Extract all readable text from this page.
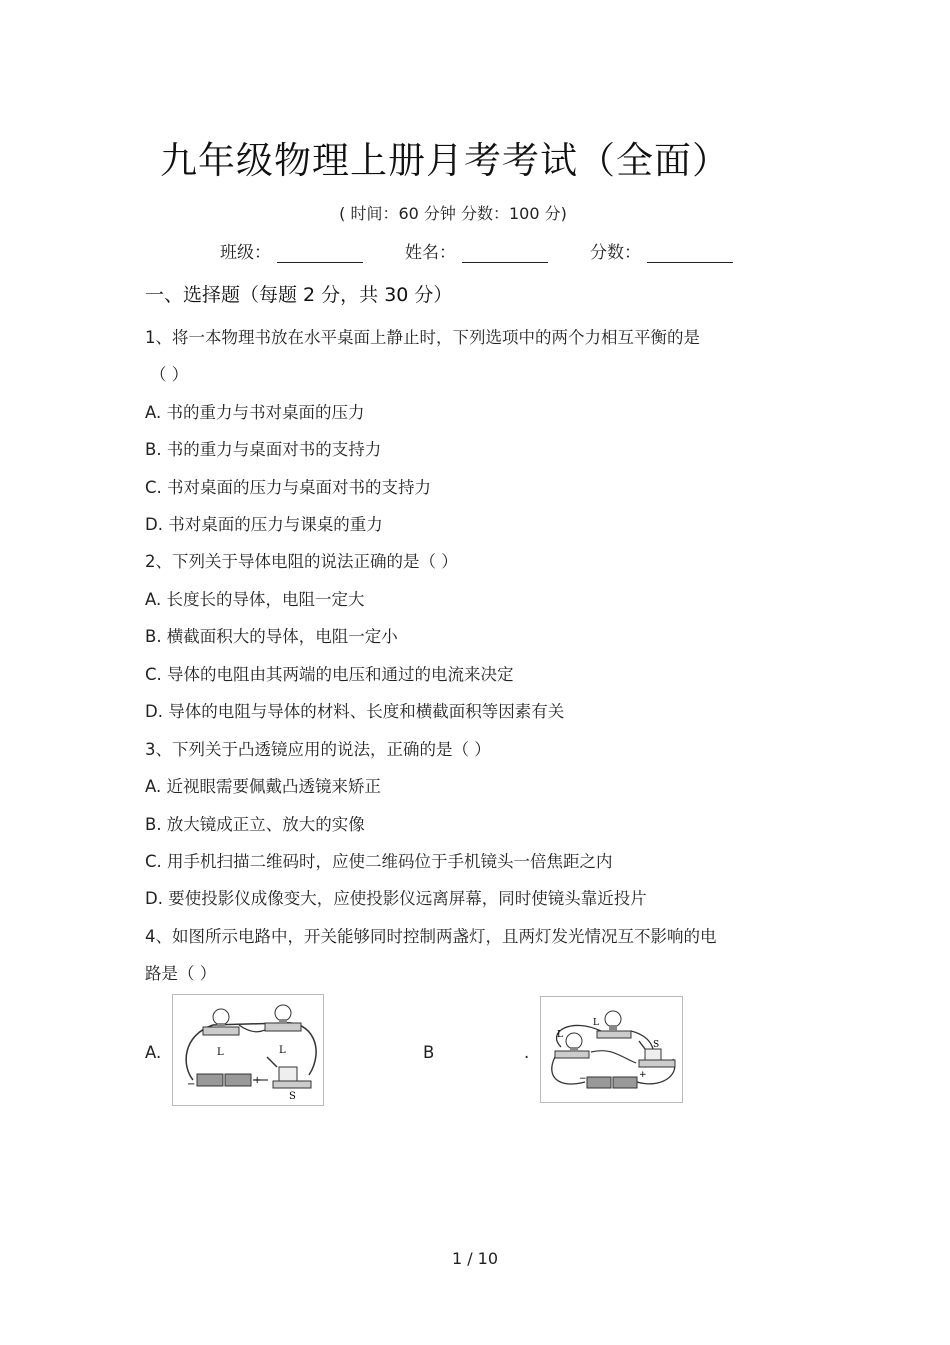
九年级物理上册月考考试（全面）
( 时间：60 分钟 分数：100 分)
班级：	姓名：	分数：
一、选择题（每题 2 分，共 30 分）
1、将一本物理书放在水平桌面上静止时，下列选项中的两个力相互平衡的是
（ ）
A. 书的重力与书对桌面的压力
B. 书的重力与桌面对书的支持力
C. 书对桌面的压力与桌面对书的支持力
D. 书对桌面的压力与课桌的重力
2、下列关于导体电阻的说法正确的是（ ）
A. 长度长的导体，电阻一定大
B. 横截面积大的导体，电阻一定小
C. 导体的电阻由其两端的电压和通过的电流来决定
D. 导体的电阻与导体的材料、长度和横截面积等因素有关
3、下列关于凸透镜应用的说法，正确的是（ ）
A. 近视眼需要佩戴凸透镜来矫正
B. 放大镜成正立、放大的实像
C. 用手机扫描二维码时，应使二维码位于手机镜头一倍焦距之内
D. 要使投影仪成像变大，应使投影仪远离屏幕，同时使镜头靠近投片
4、如图所示电路中，开关能够同时控制两盏灯，且两灯发光情况互不影响的电
路是（ ）
A.	L	L
S
−	+
B	.
L
L
S
−	+
1 / 10
